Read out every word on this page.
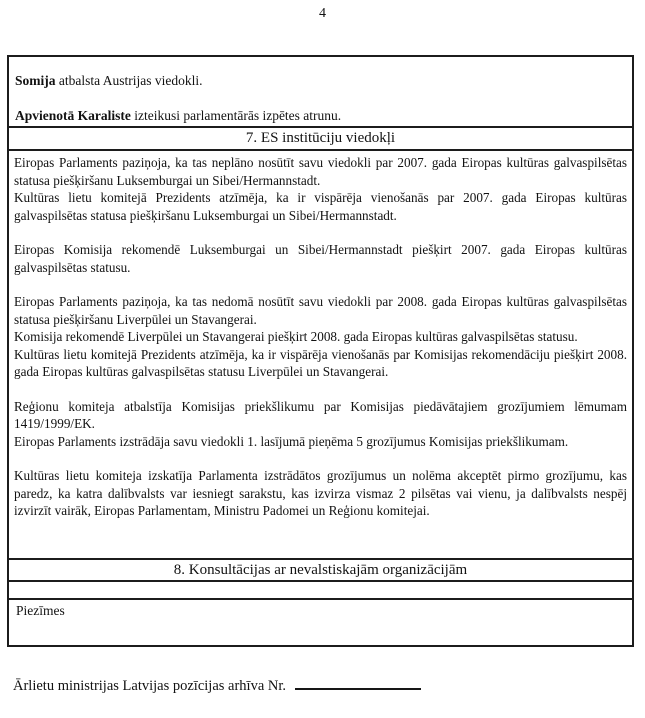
4

Somija atbalsta Austrijas viedokli.

Apvienotā Karaliste izteikusi parlamentārās izpētes atrunu.

7. ES institūciju viedokļi

Eiropas Parlaments paziņoja, ka tas neplāno nosūtīt savu viedokli par 2007. gada Eiropas kultūras galvaspilsētas statusa piešķiršanu Luksemburgai un Sibei/Hermannstadt.

Kultūras lietu komitejā Prezidents atzīmēja, ka ir vispārēja vienošanās par 2007. gada Eiropas kultūras galvaspilsētas statusa piešķiršanu Luksemburgai un Sibei/Hermannstadt.

Eiropas Komisija rekomendē Luksemburgai un Sibei/Hermannstadt piešķirt 2007. gada Eiropas kultūras galvaspilsētas statusu.

Eiropas Parlaments paziņoja, ka tas nedomā nosūtīt savu viedokli par 2008. gada Eiropas kultūras galvaspilsētas statusa piešķiršanu Liverpūlei un Stavangerai.

Komisija rekomendē Liverpūlei un Stavangerai piešķirt 2008. gada Eiropas kultūras galvaspilsētas statusu.

Kultūras lietu komitejā Prezidents atzīmēja, ka ir vispārēja vienošanās par Komisijas rekomendāciju piešķirt 2008. gada Eiropas kultūras galvaspilsētas statusu Liverpūlei un Stavangerai.

Reģionu komiteja atbalstīja Komisijas priekšlikumu par Komisijas piedāvātajiem grozījumiem lēmumam 1419/1999/EK.

Eiropas Parlaments izstrādāja savu viedokli 1. lasījumā pieņēma 5 grozījumus Komisijas priekšlikumam.

Kultūras lietu komiteja izskatīja Parlamenta izstrādātos grozījumus un nolēma akceptēt pirmo grozījumu, kas paredz, ka katra dalībvalsts var iesniegt sarakstu, kas izvirza vismaz 2 pilsētas vai vienu, ja dalībvalsts nespēj izvirzīt vairāk, Eiropas Parlamentam, Ministru Padomei un Reģionu komitejai.

8. Konsultācijas ar nevalstiskajām organizācijām
Piezīmes
Ārlietu ministrijas Latvijas pozīcijas arhīva Nr.
